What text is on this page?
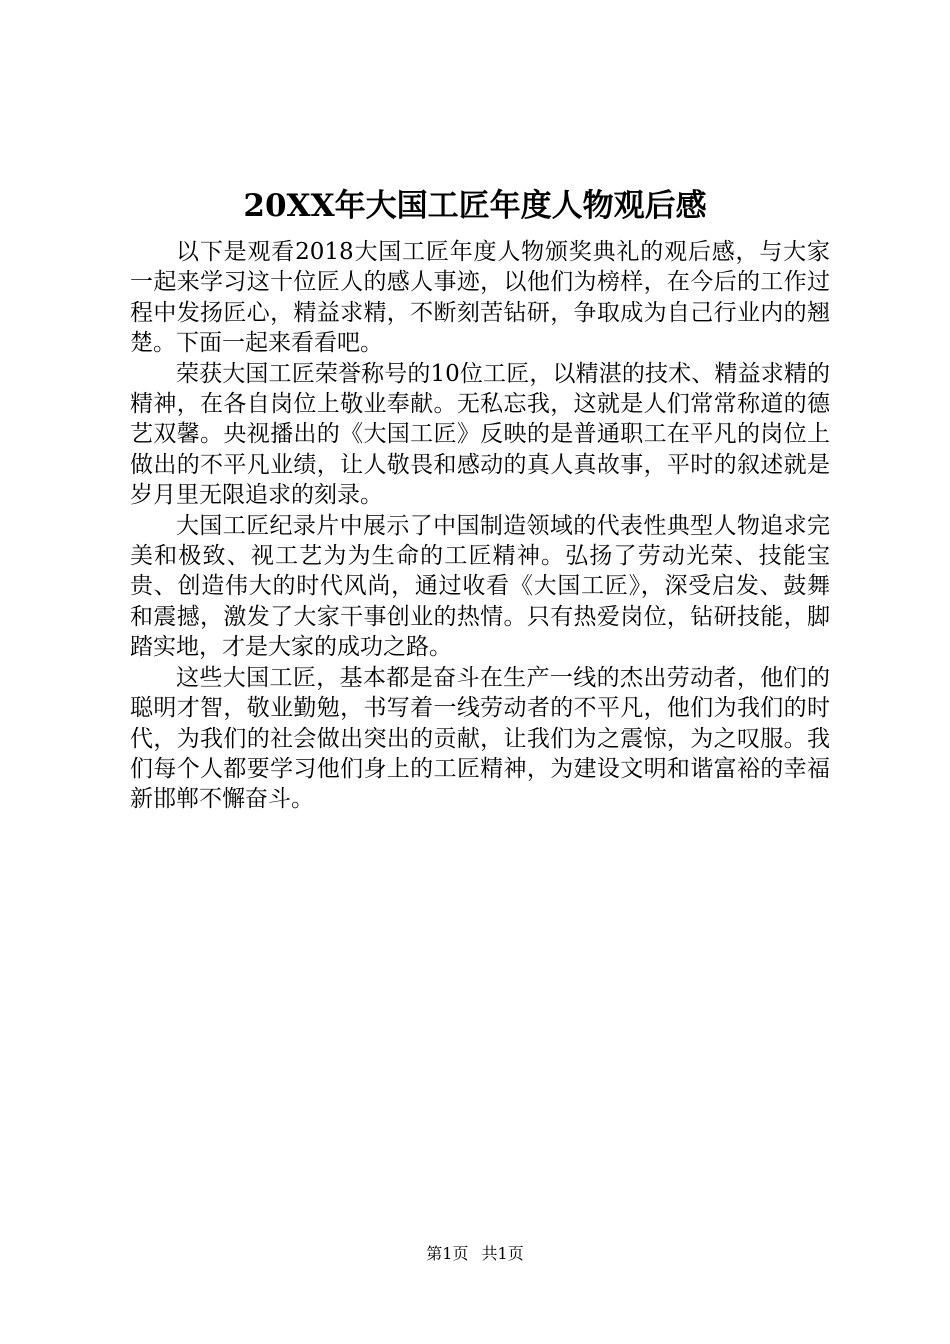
20XX年大国工匠年度人物观后感

以下是观看2018大国工匠年度人物颁奖典礼的观后感，与大家一起来学习这十位匠人的感人事迹，以他们为榜样，在今后的工作过程中发扬匠心，精益求精，不断刻苦钻研，争取成为自己行业内的翘楚。下面一起来看看吧。

荣获大国工匠荣誉称号的10位工匠，以精湛的技术、精益求精的精神，在各自岗位上敬业奉献。无私忘我，这就是人们常常称道的德艺双馨。央视播出的《大国工匠》反映的是普通职工在平凡的岗位上做出的不平凡业绩，让人敬畏和感动的真人真故事，平时的叙述就是岁月里无限追求的刻录。

大国工匠纪录片中展示了中国制造领域的代表性典型人物追求完美和极致、视工艺为为生命的工匠精神。弘扬了劳动光荣、技能宝贵、创造伟大的时代风尚，通过收看《大国工匠》，深受启发、鼓舞和震撼，激发了大家干事创业的热情。只有热爱岗位，钻研技能，脚踏实地，才是大家的成功之路。

这些大国工匠，基本都是奋斗在生产一线的杰出劳动者，他们的聪明才智，敬业勤勉，书写着一线劳动者的不平凡，他们为我们的时代，为我们的社会做出突出的贡献，让我们为之震惊，为之叹服。我们每个人都要学习他们身上的工匠精神，为建设文明和谐富裕的幸福新邯郸不懈奋斗。

第1页 共1页
